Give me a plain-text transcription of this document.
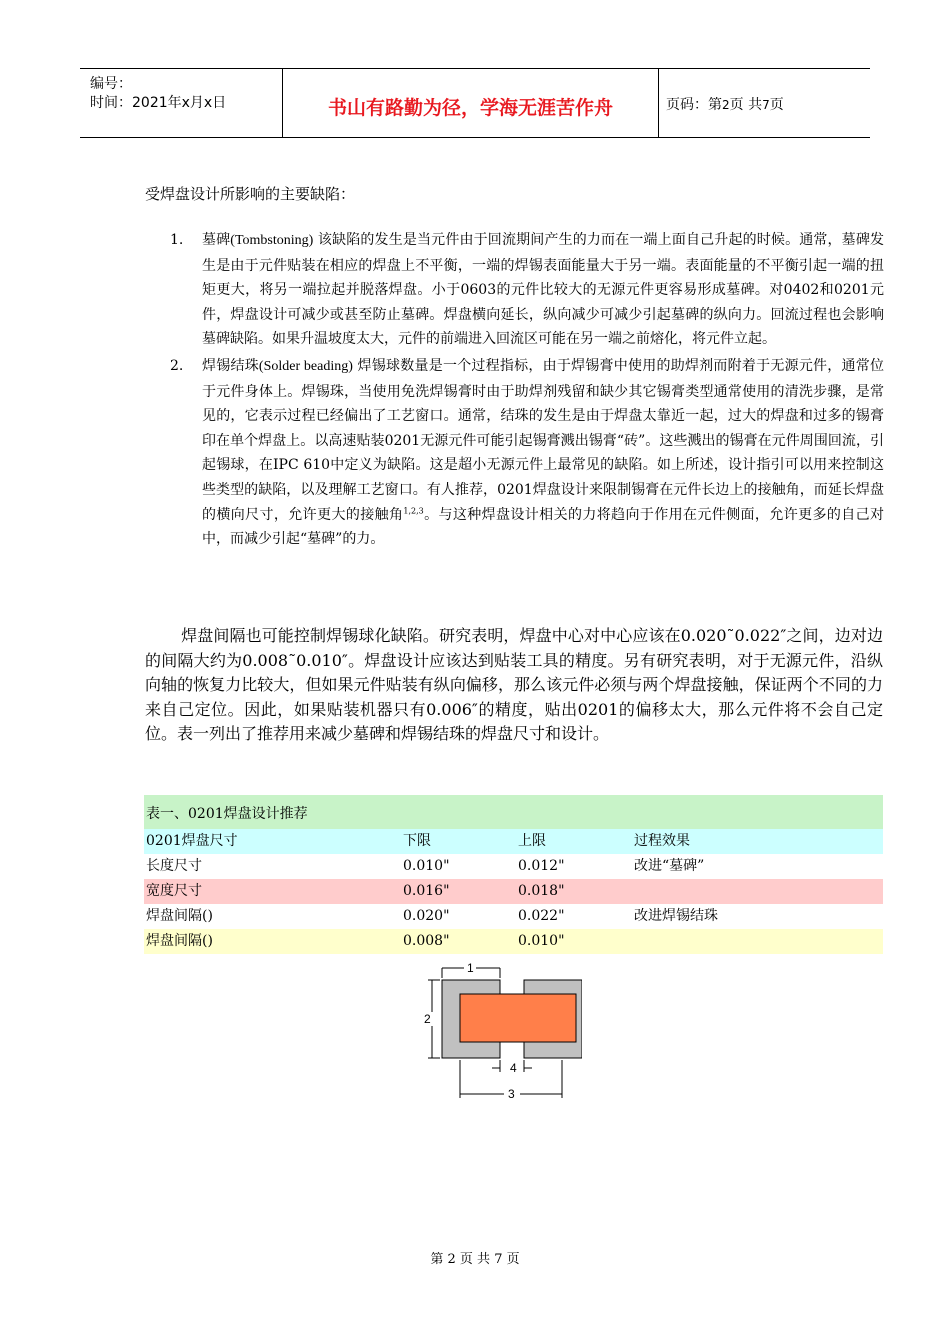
编号：
时间：2021年x月x日	书山有路勤为径，学海无涯苦作舟	页码：第2页 共7页
受焊盘设计所影响的主要缺陷：
1. 墓碑(Tombstoning) 该缺陷的发生是当元件由于回流期间产生的力而在一端上面自己升起的时候。通常，墓碑发生是由于元件贴装在相应的焊盘上不平衡，一端的焊锡表面能量大于另一端。表面能量的不平衡引起一端的扭矩更大，将另一端拉起并脱落焊盘。小于0603的元件比较大的无源元件更容易形成墓碑。对0402和0201元件，焊盘设计可减少或甚至防止墓碑。焊盘横向延长，纵向减少可减少引起墓碑的纵向力。回流过程也会影响墓碑缺陷。如果升温坡度太大，元件的前端进入回流区可能在另一端之前熔化，将元件立起。
2. 焊锡结珠(Solder beading) 焊锡球数量是一个过程指标，由于焊锡膏中使用的助焊剂而附着于无源元件，通常位于元件身体上。焊锡珠，当使用免洗焊锡膏时由于助焊剂残留和缺少其它锡膏类型通常使用的清洗步骤，是常见的，它表示过程已经偏出了工艺窗口。通常，结珠的发生是由于焊盘太靠近一起，过大的焊盘和过多的锡膏印在单个焊盘上。以高速贴装0201无源元件可能引起锡膏溅出锡膏“砖”。这些溅出的锡膏在元件周围回流，引起锡球，在IPC 610中定义为缺陷。这是超小无源元件上最常见的缺陷。如上所述，设计指引可以用来控制这些类型的缺陷，以及理解工艺窗口。有人推荐，0201焊盘设计来限制锡膏在元件长边上的接触角，而延长焊盘的横向尺寸，允许更大的接触角$^{1,2,3}$。与这种焊盘设计相关的力将趋向于作用在元件侧面，允许更多的自己对中，而减少引起“墓碑”的力。
焊盘间隔也可能控制焊锡球化缺陷。研究表明，焊盘中心对中心应该在0.020˜0.022″之间，边对边的间隔大约为0.008˜0.010″。焊盘设计应该达到贴装工具的精度。另有研究表明，对于无源元件，沿纵向轴的恢复力比较大，但如果元件贴装有纵向偏移，那么该元件必须与两个焊盘接触，保证两个不同的力来自己定位。因此，如果贴装机器只有0.006″的精度，贴出0201的偏移太大，那么元件将不会自己定位。表一列出了推荐用来减少墓碑和焊锡结珠的焊盘尺寸和设计。
表一、0201焊盘设计推荐
0201焊盘尺寸	下限	上限	过程效果
长度尺寸	0.010"	0.012"	改进“墓碑”
宽度尺寸	0.016"	0.018"
焊盘间隔()	0.020"	0.022"	改进焊锡结珠
焊盘间隔()	0.008"	0.010"
1
2
4
3
第 2 页 共 7 页
